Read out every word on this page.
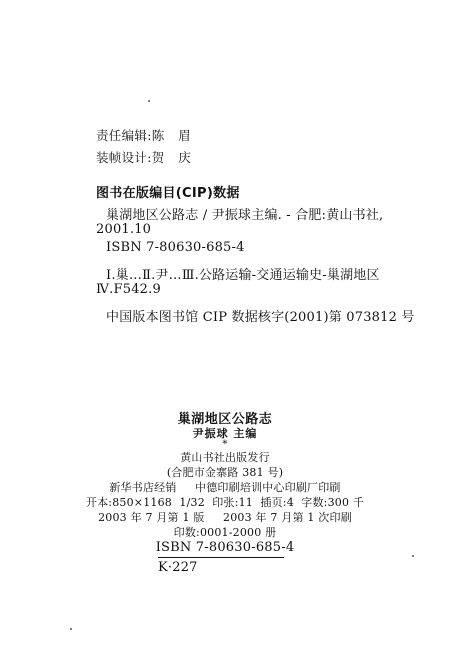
责任编辑:陈 眉
装帧设计:贺 庆
图书在版编目(CIP)数据
巢湖地区公路志 / 尹振球主编. - 合肥:黄山书社,
2001.10
ISBN 7-80630-685-4
Ⅰ.巢…Ⅱ.尹…Ⅲ.公路运输-交通运输史-巢湖地区
Ⅳ.F542.9
中国版本图书馆 CIP 数据核字(2001)第 073812 号
巢湖地区公路志
尹振球 主编
*
黄山书社出版发行
(合肥市金寨路 381 号)
新华书店经销     中德印刷培训中心印刷厂印刷
开本:850×1168  1/32  印张:11  插页:4  字数:300 千
2003 年 7 月第 1 版     2003 年 7 月第 1 次印刷
印数:0001-2000 册
ISBN 7-80630-685-4
K·227
